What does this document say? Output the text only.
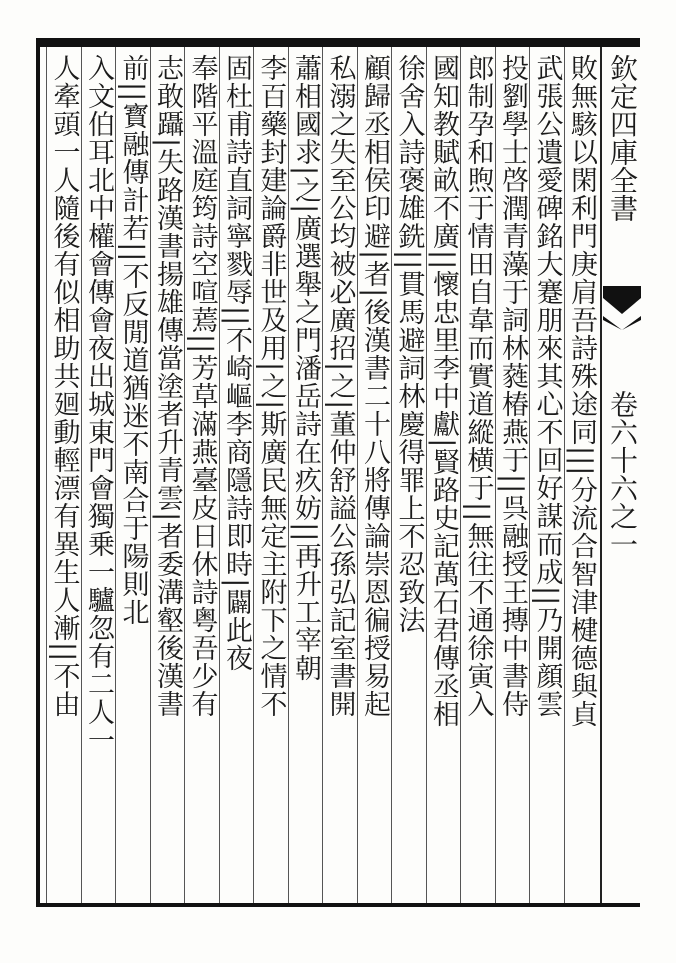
欽定四庫全書
卷六十六之一
敗無駭以閑利門庚肩吾詩殊途同|||分流合智津楗德與貞
武張公遺愛碑銘大蹇朋來其心不回好謀而成||乃開顔雲
投劉學士啓潤青藻于詞林蕤椿燕于||呉融授王摶中書侍
郎制孕和煦于情田自韋而實道縱横于||無往不通徐寅入
國知教賦畝不廣||懷忠里李中獻|賢路史記萬石君傳丞相
徐舍入詩褒雄銑||貫馬避詞林慶得罪上不忍致法
顧歸丞相侯印避|者|後漢書二十八將傳論崇恩徧授易起
私溺之失至公均被必廣招|之|董仲舒謚公孫弘記室書開
蕭相國求|之|廣選舉之門潘岳詩在疚妨||再升工宰朝
李百藥封建論爵非世及用|之|斯廣民無定主附下之情不
固杜甫詩直詞寧戮辱||不崎嶇李商隱詩即時|闢此夜
奉階平溫庭筠詩空喧蔫||芳草滿燕臺皮日休詩粤吾少有
志敢躡|失路漢書揚雄傳當塗者升青雲|者委溝壑後漢書
前||寳融傳計若||不反閒道猶迷不南合于陽則北
入文伯耳北中權會傳會夜出城東門會獨乗一驢忽有二人一
人牽頭一人隨後有似相助共廻動輕漂有異生人漸||不由
